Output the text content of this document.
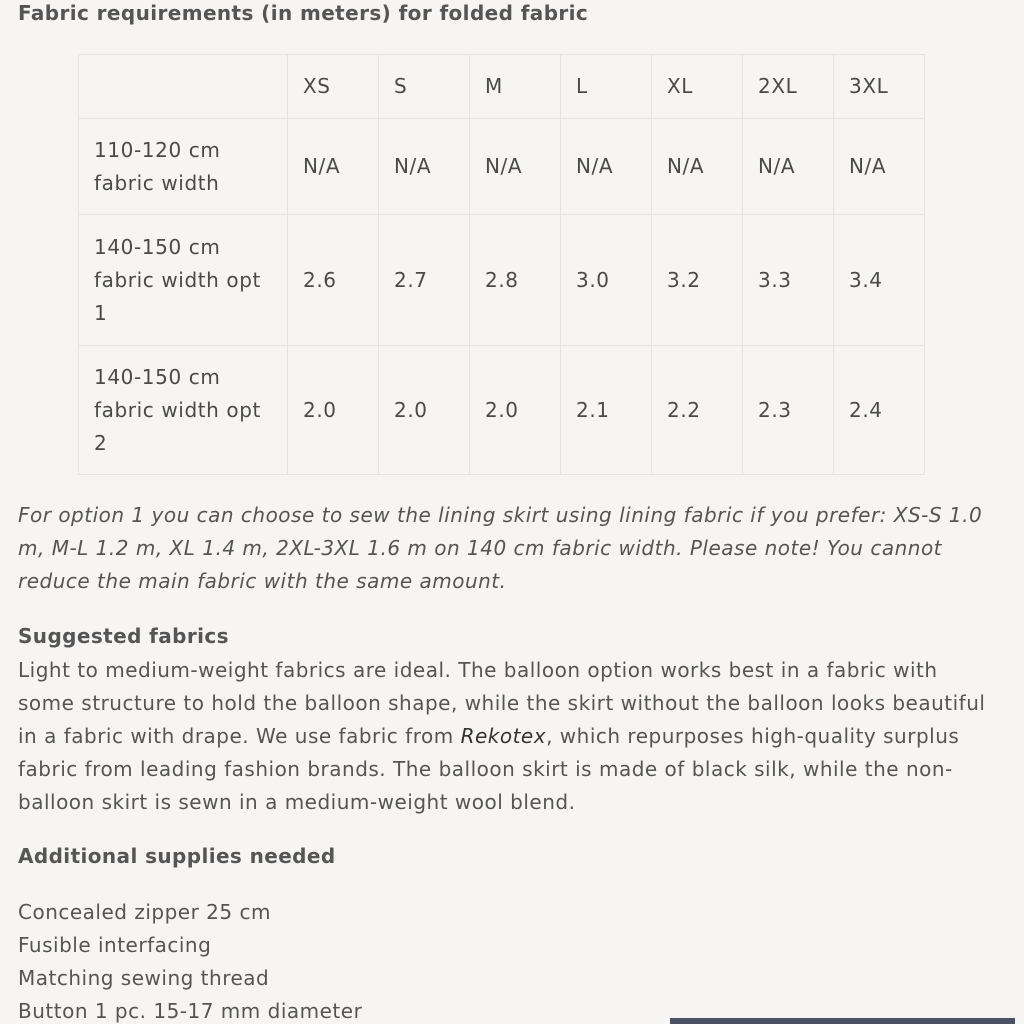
Fabric requirements (in meters) for folded fabric

	XS	S	M	L	XL	2XL	3XL

110-120 cm
fabric width	N/A	N/A	N/A	N/A	N/A	N/A	N/A

140-150 cm
fabric width opt
1	2.6	2.7	2.8	3.0	3.2	3.3	3.4

140-150 cm
fabric width opt
2	2.0	2.0	2.0	2.1	2.2	2.3	2.4

For option 1 you can choose to sew the lining skirt using lining fabric if you prefer: XS-S 1.0 m, M-L 1.2 m, XL 1.4 m, 2XL-3XL 1.6 m on 140 cm fabric width. Please note! You cannot reduce the main fabric with the same amount.

Suggested fabrics

Light to medium-weight fabrics are ideal. The balloon option works best in a fabric with some structure to hold the balloon shape, while the skirt without the balloon looks beautiful in a fabric with drape. We use fabric from Rekotex, which repurposes high-quality surplus fabric from leading fashion brands. The balloon skirt is made of black silk, while the non-balloon skirt is sewn in a medium-weight wool blend.

Additional supplies needed

Concealed zipper 25 cm
Fusible interfacing
Matching sewing thread
Button 1 pc. 15-17 mm diameter
